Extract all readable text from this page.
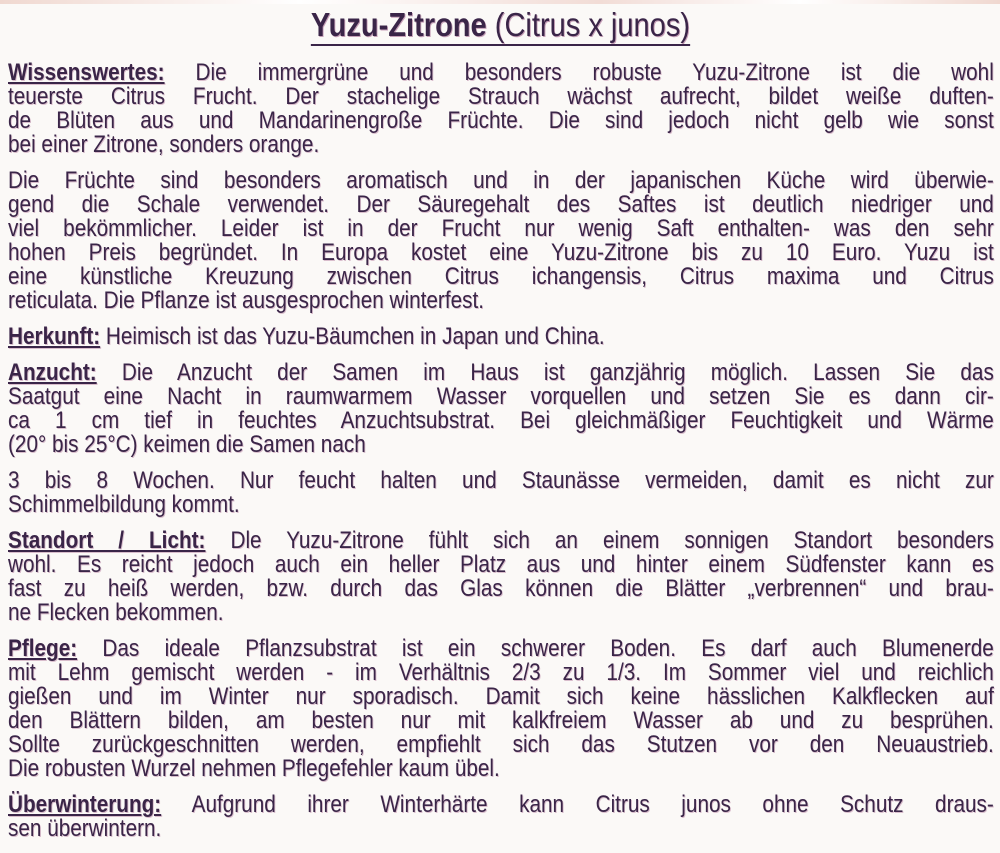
Yuzu-Zitrone (Citrus x junos)
Wissenswertes: Die immergrüne und besonders robuste Yuzu-Zitrone ist die wohl
teuerste Citrus Frucht. Der stachelige Strauch wächst aufrecht, bildet weiße duften-
de Blüten aus und Mandarinengroße Früchte. Die sind jedoch nicht gelb wie sonst
bei einer Zitrone, sonders orange.
Die Früchte sind besonders aromatisch und in der japanischen Küche wird überwie-
gend die Schale verwendet. Der Säuregehalt des Saftes ist deutlich niedriger und
viel bekömmlicher. Leider ist in der Frucht nur wenig Saft enthalten- was den sehr
hohen Preis begründet. In Europa kostet eine Yuzu-Zitrone bis zu 10 Euro. Yuzu ist
eine künstliche Kreuzung zwischen Citrus ichangensis, Citrus maxima und Citrus
reticulata. Die Pflanze ist ausgesprochen winterfest.
Herkunft: Heimisch ist das Yuzu-Bäumchen in Japan und China.
Anzucht: Die Anzucht der Samen im Haus ist ganzjährig möglich. Lassen Sie das
Saatgut eine Nacht in raumwarmem Wasser vorquellen und setzen Sie es dann cir-
ca 1 cm tief in feuchtes Anzuchtsubstrat. Bei gleichmäßiger Feuchtigkeit und Wärme
(20° bis 25°C) keimen die Samen nach
3 bis 8 Wochen. Nur feucht halten und Staunässe vermeiden, damit es nicht zur
Schimmelbildung kommt.
Standort / Licht: Dle Yuzu-Zitrone fühlt sich an einem sonnigen Standort besonders
wohl. Es reicht jedoch auch ein heller Platz aus und hinter einem Südfenster kann es
fast zu heiß werden, bzw. durch das Glas können die Blätter „verbrennen“ und brau-
ne Flecken bekommen.
Pflege: Das ideale Pflanzsubstrat ist ein schwerer Boden. Es darf auch Blumenerde
mit Lehm gemischt werden - im Verhältnis 2/3 zu 1/3. Im Sommer viel und reichlich
gießen und im Winter nur sporadisch. Damit sich keine hässlichen Kalkflecken auf
den Blättern bilden, am besten nur mit kalkfreiem Wasser ab und zu besprühen.
Sollte zurückgeschnitten werden, empfiehlt sich das Stutzen vor den Neuaustrieb.
Die robusten Wurzel nehmen Pflegefehler kaum übel.
Überwinterung: Aufgrund ihrer Winterhärte kann Citrus junos ohne Schutz draus-
sen überwintern.
